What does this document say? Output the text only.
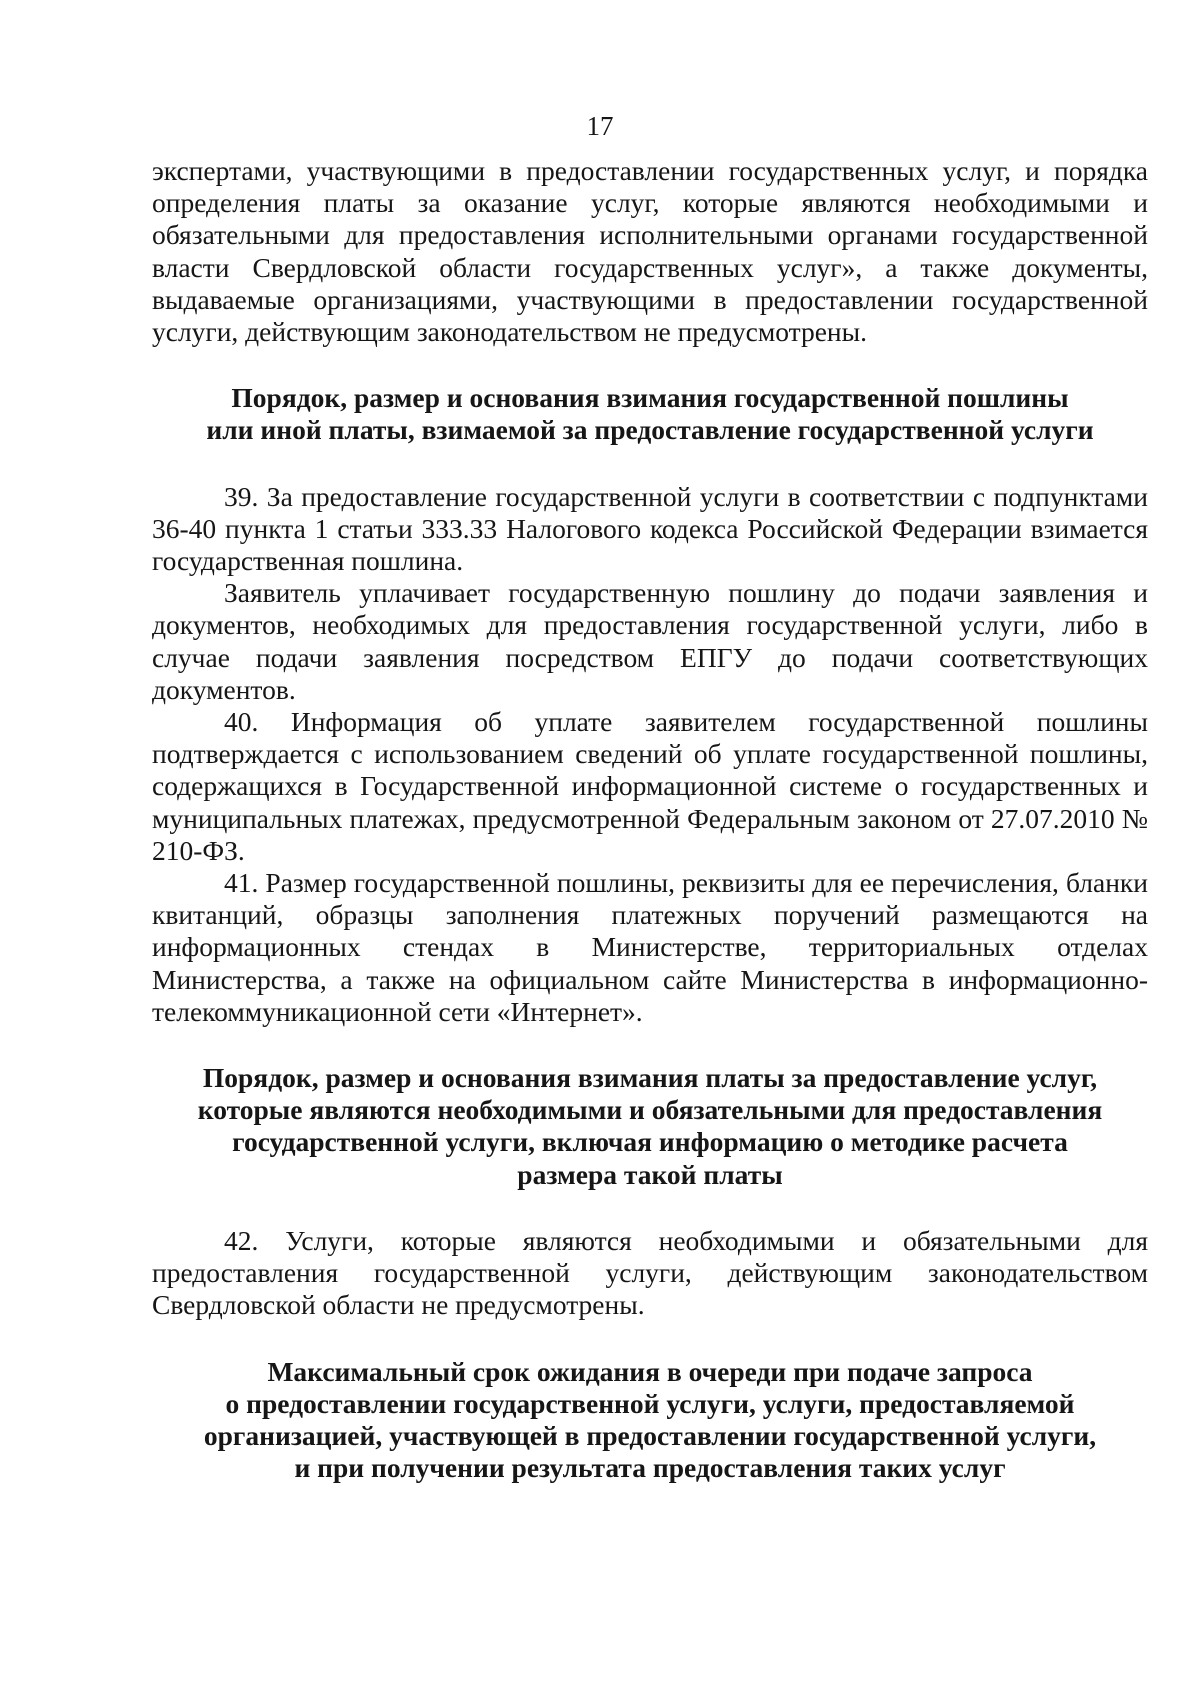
17

экспертами, участвующими в предоставлении государственных услуг, и порядка определения платы за оказание услуг, которые являются необходимыми и обязательными для предоставления исполнительными органами государственной власти Свердловской области государственных услуг», а также документы, выдаваемые организациями, участвующими в предоставлении государственной услуги, действующим законодательством не предусмотрены.

Порядок, размер и основания взимания государственной пошлины

или иной платы, взимаемой за предоставление государственной услуги

39. За предоставление государственной услуги в соответствии с подпунктами 36-40 пункта 1 статьи 333.33 Налогового кодекса Российской Федерации взимается государственная пошлина.

Заявитель уплачивает государственную пошлину до подачи заявления и документов, необходимых для предоставления государственной услуги, либо в случае подачи заявления посредством ЕПГУ до подачи соответствующих документов.

40. Информация об уплате заявителем государственной пошлины подтверждается с использованием сведений об уплате государственной пошлины, содержащихся в Государственной информационной системе о государственных и муниципальных платежах, предусмотренной Федеральным законом от 27.07.2010 № 210-ФЗ.

41. Размер государственной пошлины, реквизиты для ее перечисления, бланки квитанций, образцы заполнения платежных поручений размещаются на информационных стендах в Министерстве, территориальных отделах Министерства, а также на официальном сайте Министерства в информационно-телекоммуникационной сети «Интернет».

Порядок, размер и основания взимания платы за предоставление услуг,

которые являются необходимыми и обязательными для предоставления

государственной услуги, включая информацию о методике расчета

размера такой платы

42. Услуги, которые являются необходимыми и обязательными для предоставления государственной услуги, действующим законодательством Свердловской области не предусмотрены.

Максимальный срок ожидания в очереди при подаче запроса

о предоставлении государственной услуги, услуги, предоставляемой

организацией, участвующей в предоставлении государственной услуги,

и при получении результата предоставления таких услуг
